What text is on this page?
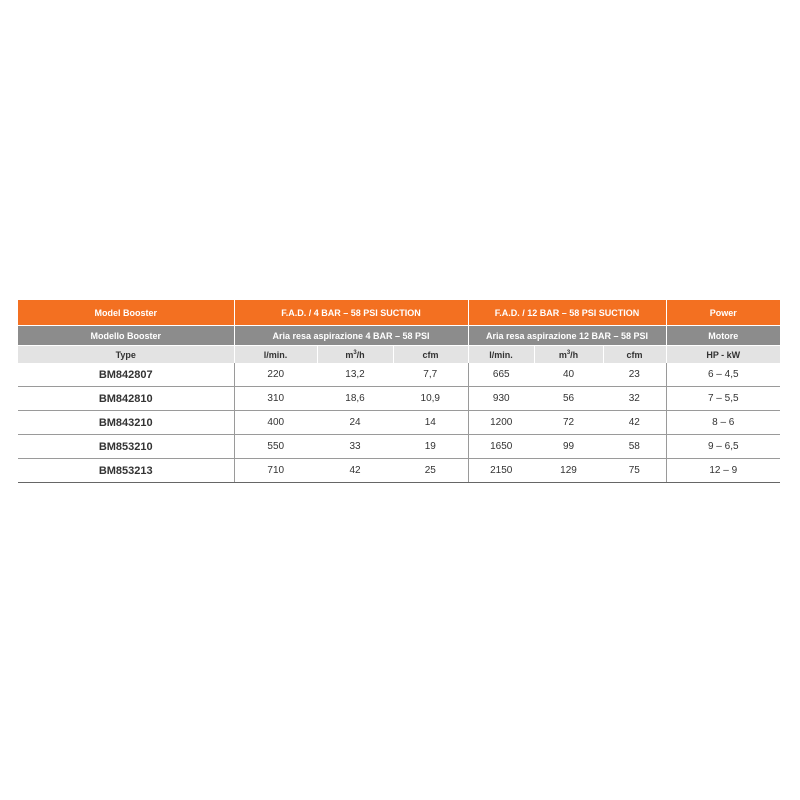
Model Booster	F.A.D. / 4 BAR – 58 PSI SUCTION			F.A.D. / 12 BAR – 58 PSI SUCTION			Power
Modello Booster	Aria resa aspirazione 4 BAR – 58 PSI			Aria resa aspirazione 12 BAR – 58 PSI			Motore
Type	l/min.	$m^3/h$	cfm	l/min.	$m^3/h$	cfm	HP - kW
BM842807	220	13,2	7,7	665	40	23	6 – 4,5
BM842810	310	18,6	10,9	930	56	32	7 – 5,5
BM843210	400	24	14	1200	72	42	8 – 6
BM853210	550	33	19	1650	99	58	9 – 6,5
BM853213	710	42	25	2150	129	75	12 – 9
